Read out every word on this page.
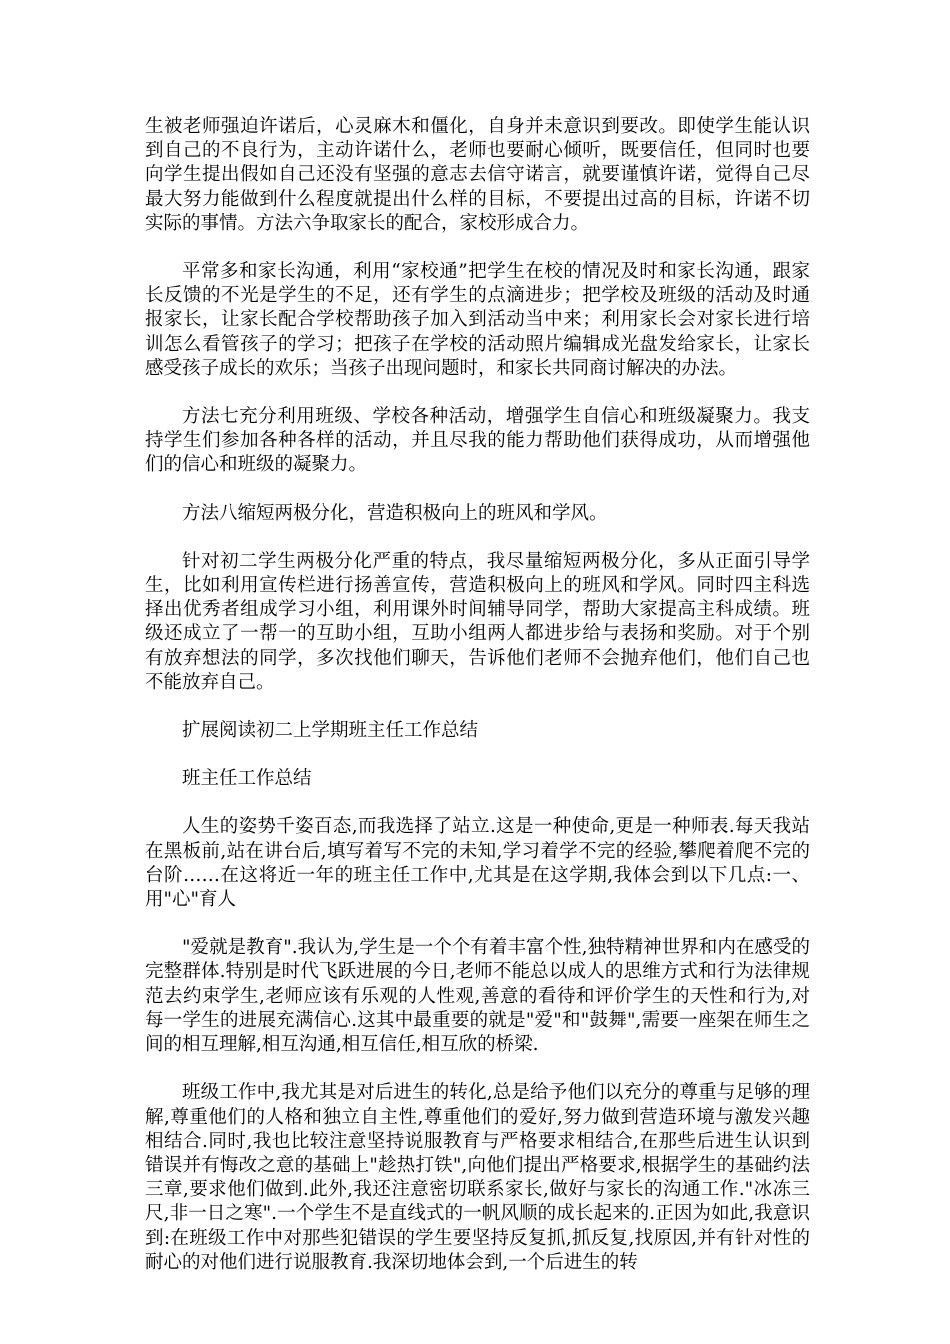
生被老师强迫许诺后，心灵麻木和僵化，自身并未意识到要改。即使学生能认识到自己的不良行为，主动许诺什么，老师也要耐心倾听，既要信任，但同时也要向学生提出假如自己还没有坚强的意志去信守诺言，就要谨慎许诺，觉得自己尽最大努力能做到什么程度就提出什么样的目标，不要提出过高的目标，许诺不切实际的事情。方法六争取家长的配合，家校形成合力。

平常多和家长沟通，利用“家校通”把学生在校的情况及时和家长沟通，跟家长反馈的不光是学生的不足，还有学生的点滴进步；把学校及班级的活动及时通报家长，让家长配合学校帮助孩子加入到活动当中来；利用家长会对家长进行培训怎么看管孩子的学习；把孩子在学校的活动照片编辑成光盘发给家长，让家长感受孩子成长的欢乐；当孩子出现问题时，和家长共同商讨解决的办法。

方法七充分利用班级、学校各种活动，增强学生自信心和班级凝聚力。我支持学生们参加各种各样的活动，并且尽我的能力帮助他们获得成功，从而增强他们的信心和班级的凝聚力。

方法八缩短两极分化，营造积极向上的班风和学风。

针对初二学生两极分化严重的特点，我尽量缩短两极分化，多从正面引导学生，比如利用宣传栏进行扬善宣传，营造积极向上的班风和学风。同时四主科选择出优秀者组成学习小组，利用课外时间辅导同学，帮助大家提高主科成绩。班级还成立了一帮一的互助小组，互助小组两人都进步给与表扬和奖励。对于个别有放弃想法的同学，多次找他们聊天，告诉他们老师不会抛弃他们，他们自己也不能放弃自己。

扩展阅读初二上学期班主任工作总结

班主任工作总结

人生的姿势千姿百态,而我选择了站立.这是一种使命,更是一种师表.每天我站在黑板前,站在讲台后,填写着写不完的未知,学习着学不完的经验,攀爬着爬不完的台阶……在这将近一年的班主任工作中,尤其是在这学期,我体会到以下几点:一、用"心"育人

"爱就是教育".我认为,学生是一个个有着丰富个性,独特精神世界和内在感受的完整群体.特别是时代飞跃进展的今日,老师不能总以成人的思维方式和行为法律规范去约束学生,老师应该有乐观的人性观,善意的看待和评价学生的天性和行为,对每一学生的进展充满信心.这其中最重要的就是"爱"和"鼓舞",需要一座架在师生之间的相互理解,相互沟通,相互信任,相互欣的桥梁.

班级工作中,我尤其是对后进生的转化,总是给予他们以充分的尊重与足够的理解,尊重他们的人格和独立自主性,尊重他们的爱好,努力做到营造环境与激发兴趣相结合.同时,我也比较注意坚持说服教育与严格要求相结合,在那些后进生认识到错误并有悔改之意的基础上"趁热打铁",向他们提出严格要求,根据学生的基础约法三章,要求他们做到.此外,我还注意密切联系家长,做好与家长的沟通工作."冰冻三尺,非一日之寒".一个学生不是直线式的一帆风顺的成长起来的.正因为如此,我意识到:在班级工作中对那些犯错误的学生要坚持反复抓,抓反复,找原因,并有针对性的耐心的对他们进行说服教育.我深切地体会到,一个后进生的转
